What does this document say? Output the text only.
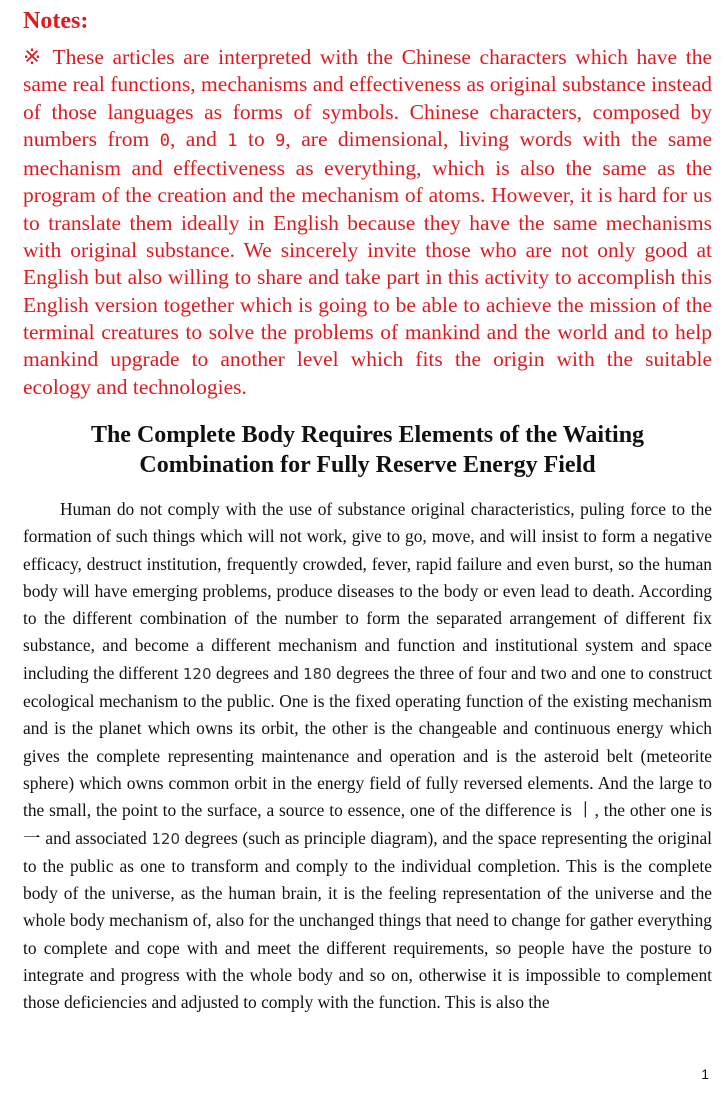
Notes:

※ These articles are interpreted with the Chinese characters which have the same real functions, mechanisms and effectiveness as original substance instead of those languages as forms of symbols. Chinese characters, composed by numbers from 0, and 1 to 9, are dimensional, living words with the same mechanism and effectiveness as everything, which is also the same as the program of the creation and the mechanism of atoms. However, it is hard for us to translate them ideally in English because they have the same mechanisms with original substance. We sincerely invite those who are not only good at English but also willing to share and take part in this activity to accomplish this English version together which is going to be able to achieve the mission of the terminal creatures to solve the problems of mankind and the world and to help mankind upgrade to another level which fits the origin with the suitable ecology and technologies.

The Complete Body Requires Elements of the Waiting
Combination for Fully Reserve Energy Field

Human do not comply with the use of substance original characteristics, puling force to the formation of such things which will not work, give to go, move, and will insist to form a negative efficacy, destruct institution, frequently crowded, fever, rapid failure and even burst, so the human body will have emerging problems, produce diseases to the body or even lead to death. According to the different combination of the number to form the separated arrangement of different fix substance, and become a different mechanism and function and institutional system and space including the different 120 degrees and 180 degrees the three of four and two and one to construct ecological mechanism to the public. One is the fixed operating function of the existing mechanism and is the planet which owns its orbit, the other is the changeable and continuous energy which gives the complete representing maintenance and operation and is the asteroid belt (meteorite sphere) which owns common orbit in the energy field of fully reversed elements. And the large to the small, the point to the surface, a source to essence, one of the difference is 丨, the other one is 一 and associated 120 degrees (such as principle diagram), and the space representing the original to the public as one to transform and comply to the individual completion. This is the complete body of the universe, as the human brain, it is the feeling representation of the universe and the whole body mechanism of, also for the unchanged things that need to change for gather everything to complete and cope with and meet the different requirements, so people have the posture to integrate and progress with the whole body and so on, otherwise it is impossible to complement those deficiencies and adjusted to comply with the function. This is also the

1
